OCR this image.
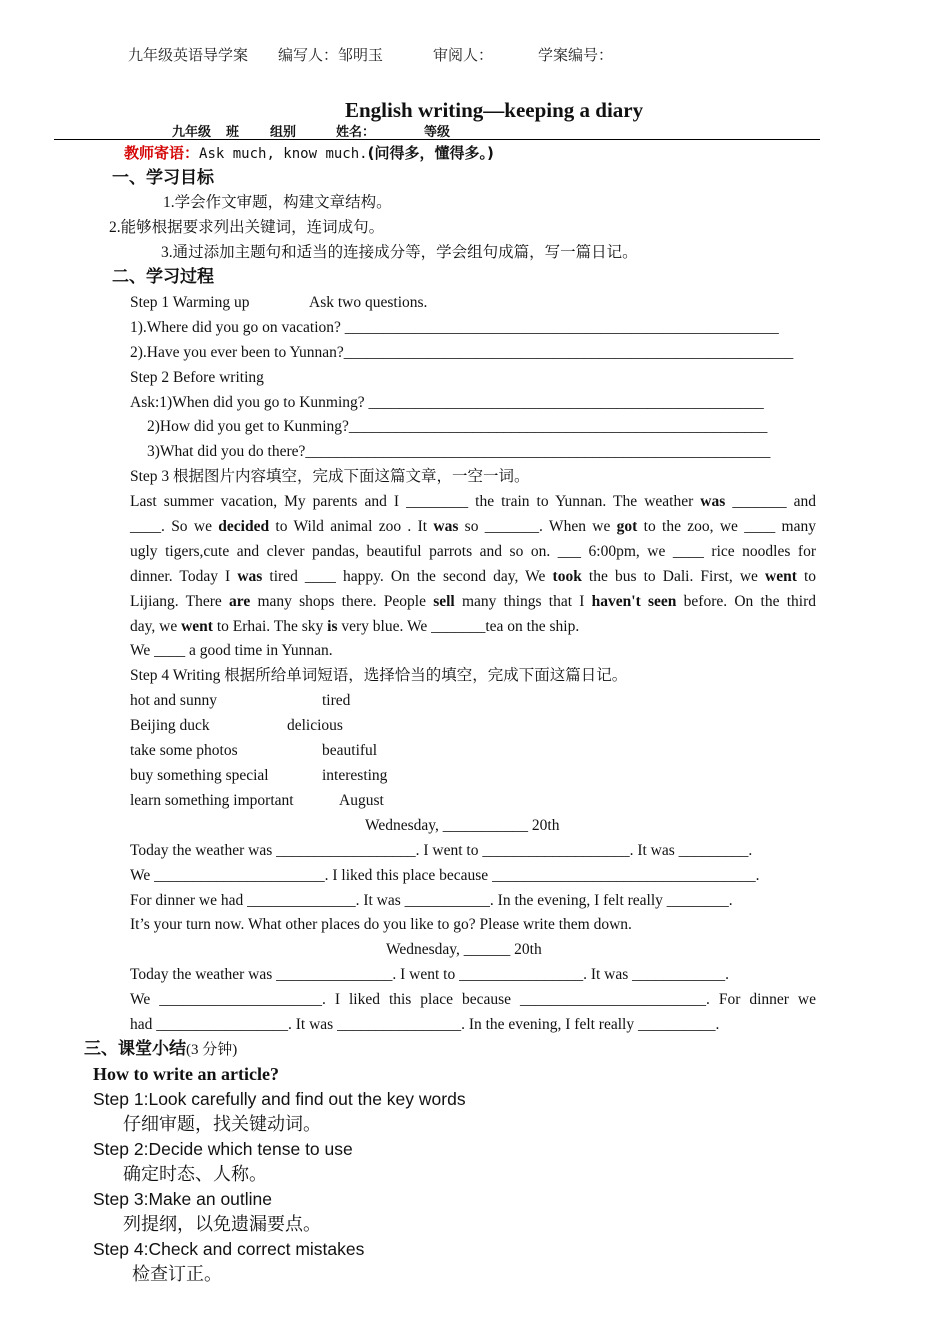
九年级英语导学案 编写人：邹明玉	审阅人：	学案编号：
English writing—keeping a diary
九年级 班 组别	姓名：	等级
教师寄语：Ask much, know much.(问得多，懂得多。)
一、学习目标
1.学会作文审题，构建文章结构。
2.能够根据要求列出关键词，连词成句。
3.通过添加主题句和适当的连接成分等，学会组句成篇，写一篇日记。
二、学习过程
Step 1 Warming up	Ask two questions.
1).Where did you go on vacation? ________________________________________________________
2).Have you ever been to Yunnan?__________________________________________________________
Step 2 Before writing
Ask:1)When did you go to Kunming? ___________________________________________________
2)How did you get to Kunming?______________________________________________________
3)What did you do there?____________________________________________________________
Step 3 根据图片内容填空，完成下面这篇文章，一空一词。
Last summer vacation, My parents and I ________ the train to Yunnan. The weather was _______ and
____. So we decided to Wild animal zoo . It was so _______. When we got to the zoo, we ____ many
ugly tigers,cute and clever pandas, beautiful parrots and so on. ___ 6:00pm, we ____ rice noodles for
dinner. Today I was tired ____ happy. On the second day, We took the bus to Dali. First, we went to
Lijiang. There are many shops there. People sell many things that I haven't seen before. On the third
day, we went to Erhai. The sky is very blue. We _______tea on the ship.
We ____ a good time in Yunnan.
Step 4 Writing 根据所给单词短语，选择恰当的填空，完成下面这篇日记。
hot and sunny	tired
Beijing duck	delicious
take some photos	beautiful
buy something special	interesting
learn something important	August
Wednesday, ___________ 20th
Today the weather was __________________. I went to ___________________. It was _________.
We ______________________. I liked this place because __________________________________.
For dinner we had ______________. It was ___________. In the evening, I felt really ________.
It’s your turn now. What other places do you like to go? Please write them down.
Wednesday, ______ 20th
Today the weather was _______________. I went to ________________. It was ____________.
We _____________________. I liked this place because ________________________. For dinner we
had _________________. It was ________________. In the evening, I felt really __________.
三、课堂小结(3 分钟)
How to write an article?
Step 1:Look carefully and find out the key words
仔细审题，找关键动词。
Step 2:Decide which tense to use
确定时态、人称。
Step 3:Make an outline
列提纲，以免遗漏要点。
Step 4:Check and correct mistakes
检查订正。
